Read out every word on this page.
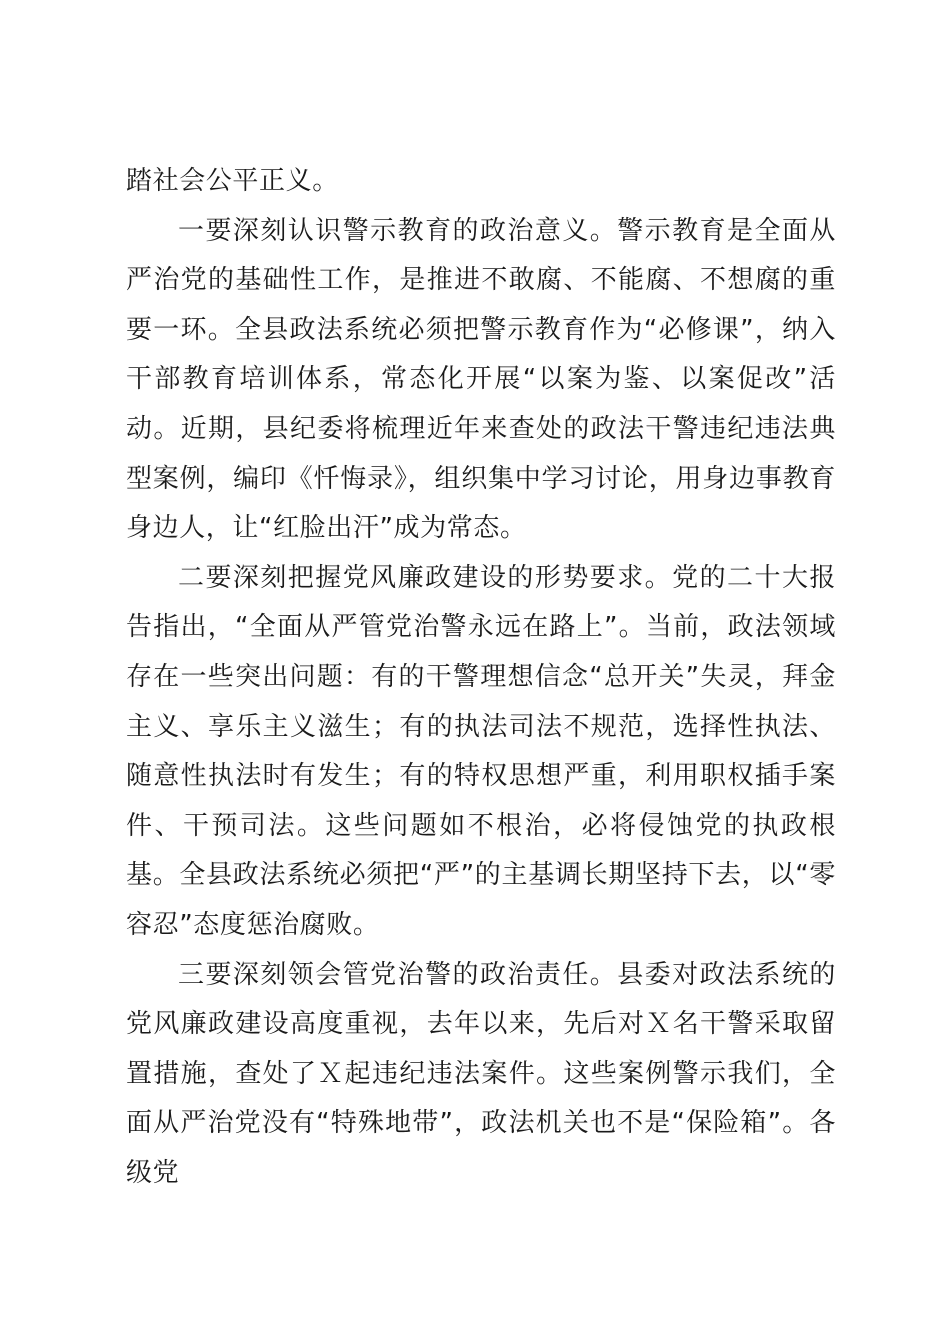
踏社会公平正义。

一要深刻认识警示教育的政治意义。警示教育是全面从严治党的基础性工作，是推进不敢腐、不能腐、不想腐的重要一环。全县政法系统必须把警示教育作为“必修课”，纳入干部教育培训体系，常态化开展“以案为鉴、以案促改”活动。近期，县纪委将梳理近年来查处的政法干警违纪违法典型案例，编印《忏悔录》，组织集中学习讨论，用身边事教育身边人，让“红脸出汗”成为常态。

二要深刻把握党风廉政建设的形势要求。党的二十大报告指出，“全面从严管党治警永远在路上”。当前，政法领域存在一些突出问题：有的干警理想信念“总开关”失灵，拜金主义、享乐主义滋生；有的执法司法不规范，选择性执法、随意性执法时有发生；有的特权思想严重，利用职权插手案件、干预司法。这些问题如不根治，必将侵蚀党的执政根基。全县政法系统必须把“严”的主基调长期坚持下去，以“零容忍”态度惩治腐败。

三要深刻领会管党治警的政治责任。县委对政法系统的党风廉政建设高度重视，去年以来，先后对Ｘ名干警采取留置措施，查处了Ｘ起违纪违法案件。这些案例警示我们，全面从严治党没有“特殊地带”，政法机关也不是“保险箱”。各级党
